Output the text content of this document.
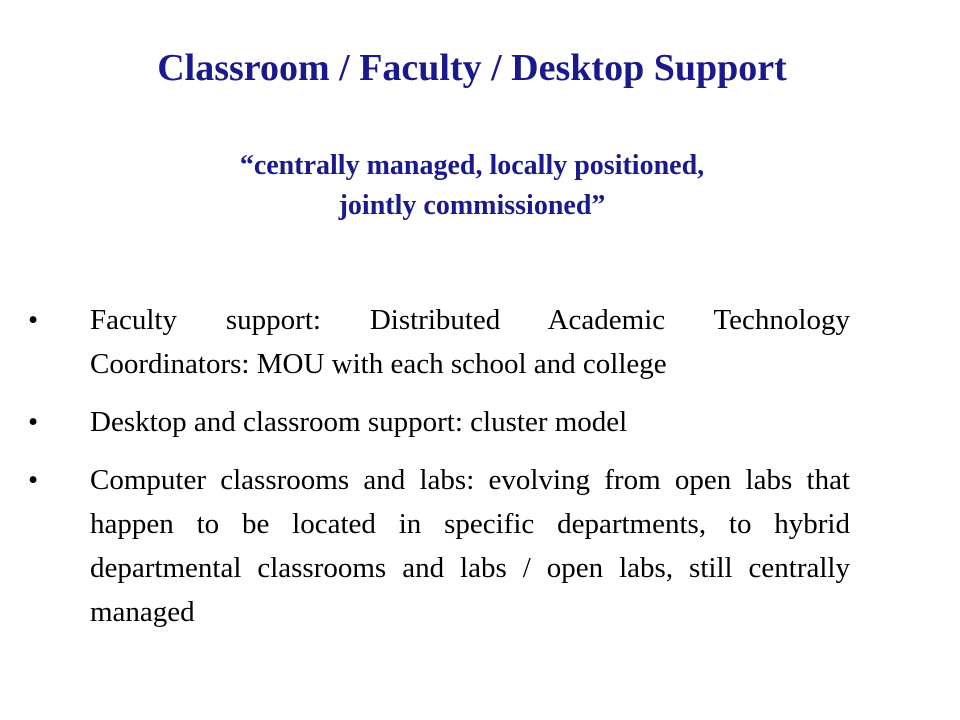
Classroom / Faculty / Desktop Support
“centrally managed, locally positioned,
jointly commissioned”
• Faculty support: Distributed Academic Technology Coordinators: MOU with each school and college
• Desktop and classroom support: cluster model
• Computer classrooms and labs: evolving from open labs that happen to be located in specific departments, to hybrid departmental classrooms and labs / open labs, still centrally managed
